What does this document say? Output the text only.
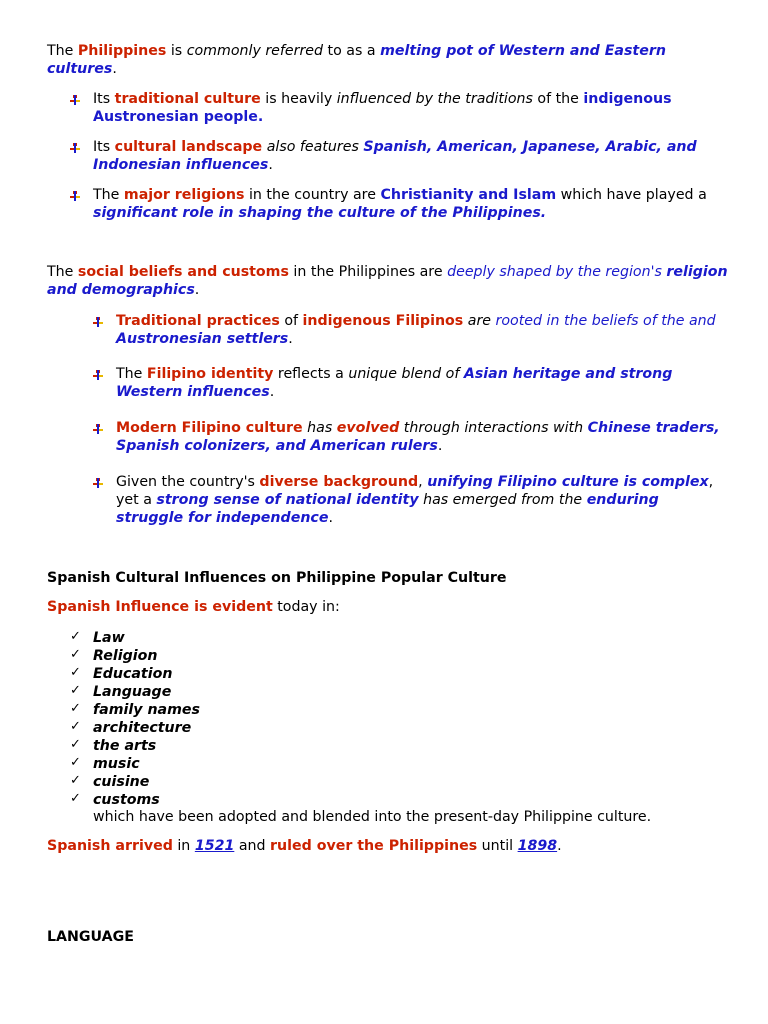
The Philippines is commonly referred to as a melting pot of Western and Eastern cultures.

Its traditional culture is heavily influenced by the traditions of the indigenous Austronesian people.

Its cultural landscape also features Spanish, American, Japanese, Arabic, and Indonesian influences.

The major religions in the country are Christianity and Islam which have played a significant role in shaping the culture of the Philippines.

The social beliefs and customs in the Philippines are deeply shaped by the region's religion and demographics.

Traditional practices of indigenous Filipinos are rooted in the beliefs of the and Austronesian settlers.

The Filipino identity reflects a unique blend of Asian heritage and strong Western influences.

Modern Filipino culture has evolved through interactions with Chinese traders, Spanish colonizers, and American rulers.

Given the country's diverse background, unifying Filipino culture is complex, yet a strong sense of national identity has emerged from the enduring struggle for independence.

Spanish Cultural Influences on Philippine Popular Culture

Spanish Influence is evident today in:

✓ Law
✓ Religion
✓ Education
✓ Language
✓ family names
✓ architecture
✓ the arts
✓ music
✓ cuisine
✓ customs

which have been adopted and blended into the present-day Philippine culture.

Spanish arrived in 1521 and ruled over the Philippines until 1898.

LANGUAGE
